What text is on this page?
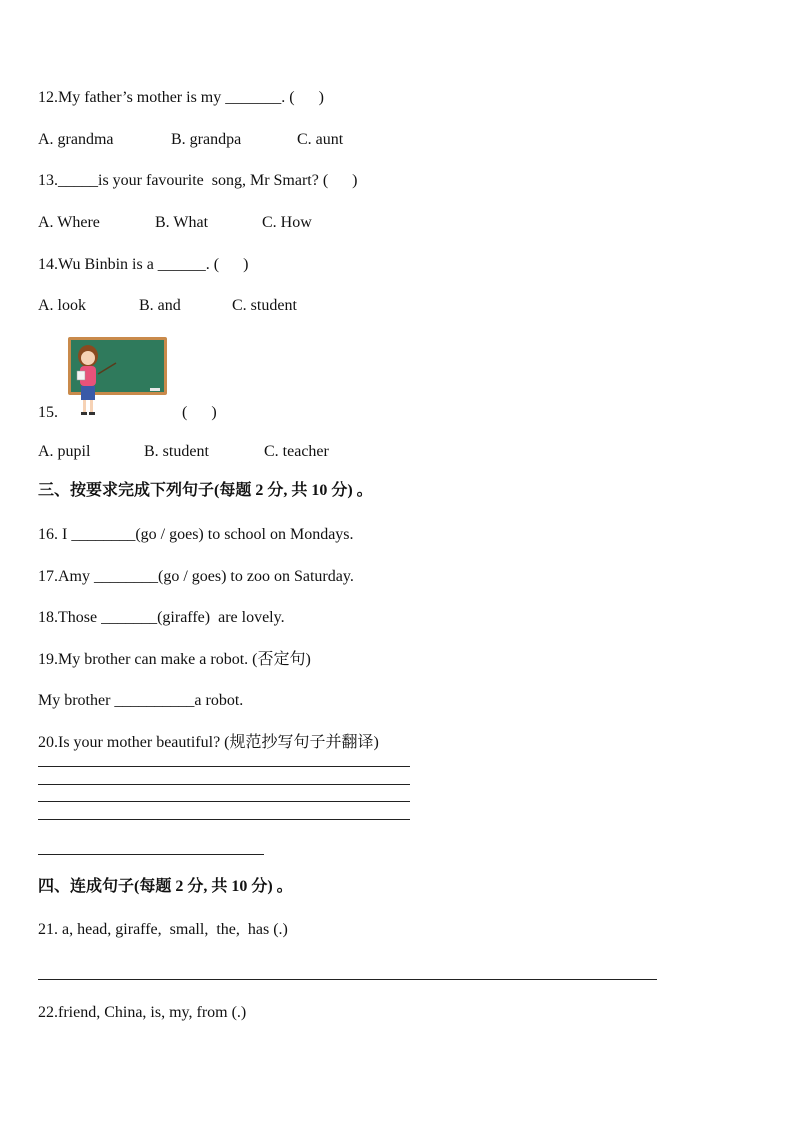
12.My father’s mother is my _______. (      )
A. grandma	B. grandpa	C. aunt
13._____is your favourite  song, Mr Smart? (      )
A. Where	B. What	C. How
14.Wu Binbin is a ______. (      )
A. look	B. and	C. student
15.	(      )
A. pupil	B. student	C. teacher
三、按要求完成下列句子(每题 2 分, 共 10 分) 。
16. I ________(go / goes) to school on Mondays.
17.Amy ________(go / goes) to zoo on Saturday.
18.Those _______(giraffe)  are lovely.
19.My brother can make a robot. (否定句)
My brother __________a robot.
20.Is your mother beautiful? (规范抄写句子并翻译)
四、连成句子(每题 2 分, 共 10 分) 。
21. a, head, giraffe,  small,  the,  has (.)
22.friend, China, is, my, from (.)
